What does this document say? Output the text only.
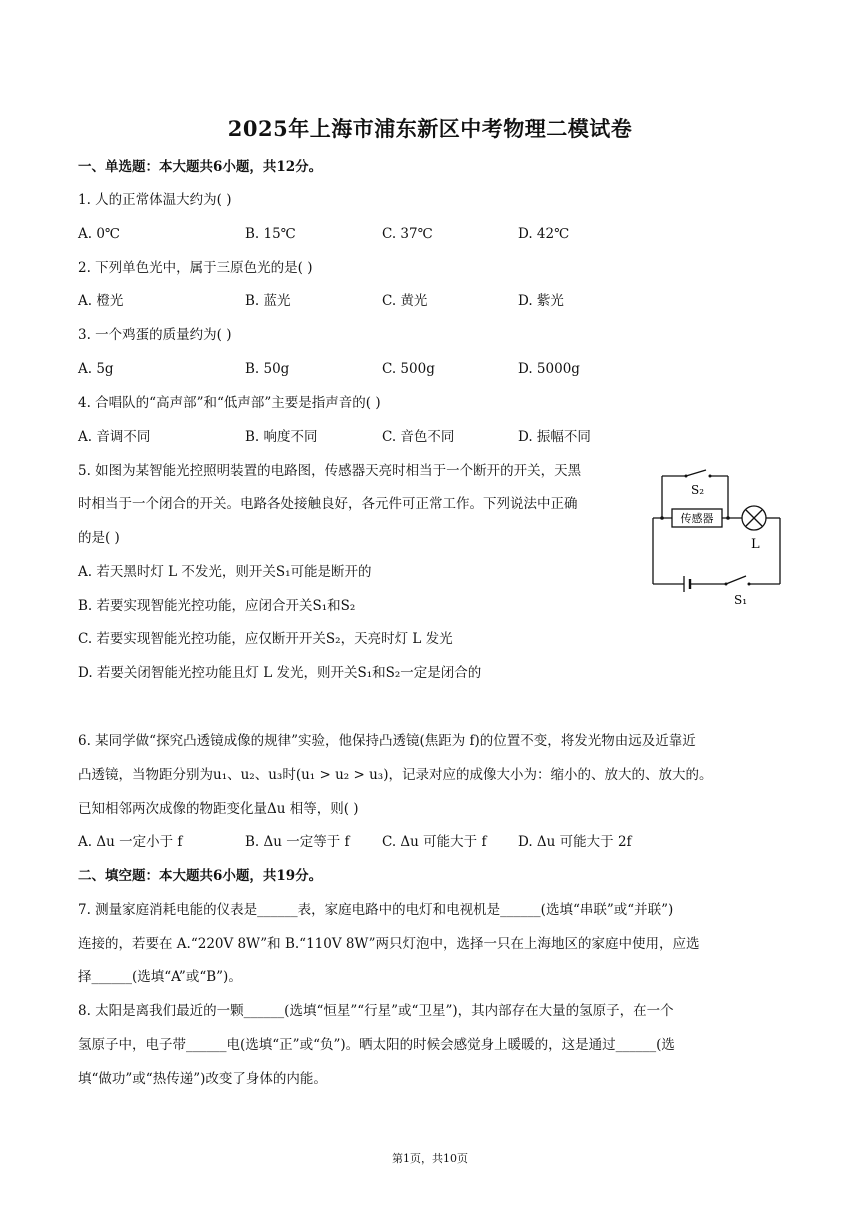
2025年上海市浦东新区中考物理二模试卷
一、单选题：本大题共6小题，共12分。
1. 人的正常体温大约为( )
A. 0℃	B. 15℃	C. 37℃	D. 42℃
2. 下列单色光中，属于三原色光的是( )
A. 橙光	B. 蓝光	C. 黄光	D. 紫光
3. 一个鸡蛋的质量约为( )
A. 5g	B. 50g	C. 500g	D. 5000g
4. 合唱队的“高声部”和“低声部”主要是指声音的( )
A. 音调不同	B. 响度不同	C. 音色不同	D. 振幅不同
5. 如图为某智能光控照明装置的电路图，传感器天亮时相当于一个断开的开关，天黑
时相当于一个闭合的开关。电路各处接触良好，各元件可正常工作。下列说法中正确
的是( )
A. 若天黑时灯 L 不发光，则开关S₁可能是断开的
B. 若要实现智能光控功能，应闭合开关S₁和S₂
C. 若要实现智能光控功能，应仅断开开关S₂，天亮时灯 L 发光
D. 若要关闭智能光控功能且灯 L 发光，则开关S₁和S₂一定是闭合的
传感器
L
S₂
S₁
6. 某同学做“探究凸透镜成像的规律”实验，他保持凸透镜(焦距为 f)的位置不变，将发光物由远及近靠近
凸透镜，当物距分别为u₁、u₂、u₃时(u₁ > u₂ > u₃)，记录对应的成像大小为：缩小的、放大的、放大的。
已知相邻两次成像的物距变化量Δu 相等，则( )
A. Δu 一定小于 f	B. Δu 一定等于 f C. Δu 可能大于 f D. Δu 可能大于 2f
二、填空题：本大题共6小题，共19分。
7. 测量家庭消耗电能的仪表是______表，家庭电路中的电灯和电视机是______(选填“串联”或“并联”)
连接的，若要在 A.“220V 8W”和 B.“110V 8W”两只灯泡中，选择一只在上海地区的家庭中使用，应选
择______(选填“A”或“B”)。
8. 太阳是离我们最近的一颗______(选填“恒星”“行星”或“卫星”)，其内部存在大量的氢原子，在一个
氢原子中，电子带______电(选填“正”或“负”)。晒太阳的时候会感觉身上暖暖的，这是通过______(选
填“做功”或“热传递”)改变了身体的内能。
第1页，共10页
